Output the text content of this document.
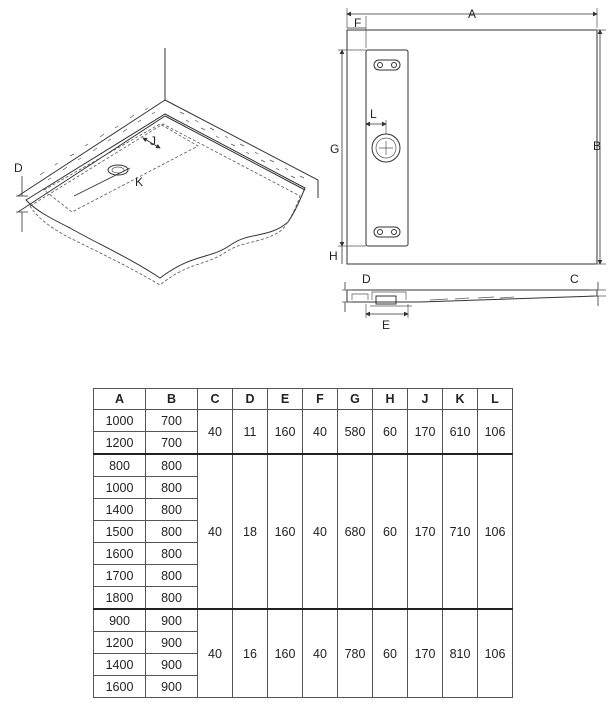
J
K
D
L
A
F
B
G
H
D	C
E
A	B	C	D	E	F	G	H	J	K	L
1000	700	40	11	160	40	580	60	170	610	106
1200	700									
800	800	40	18	160	40	680	60	170	710	106
1000	800									
1400	800									
1500	800									
1600	800									
1700	800									
1800	800									
900	900	40	16	160	40	780	60	170	810	106
1200	900									
1400	900									
1600	900									
